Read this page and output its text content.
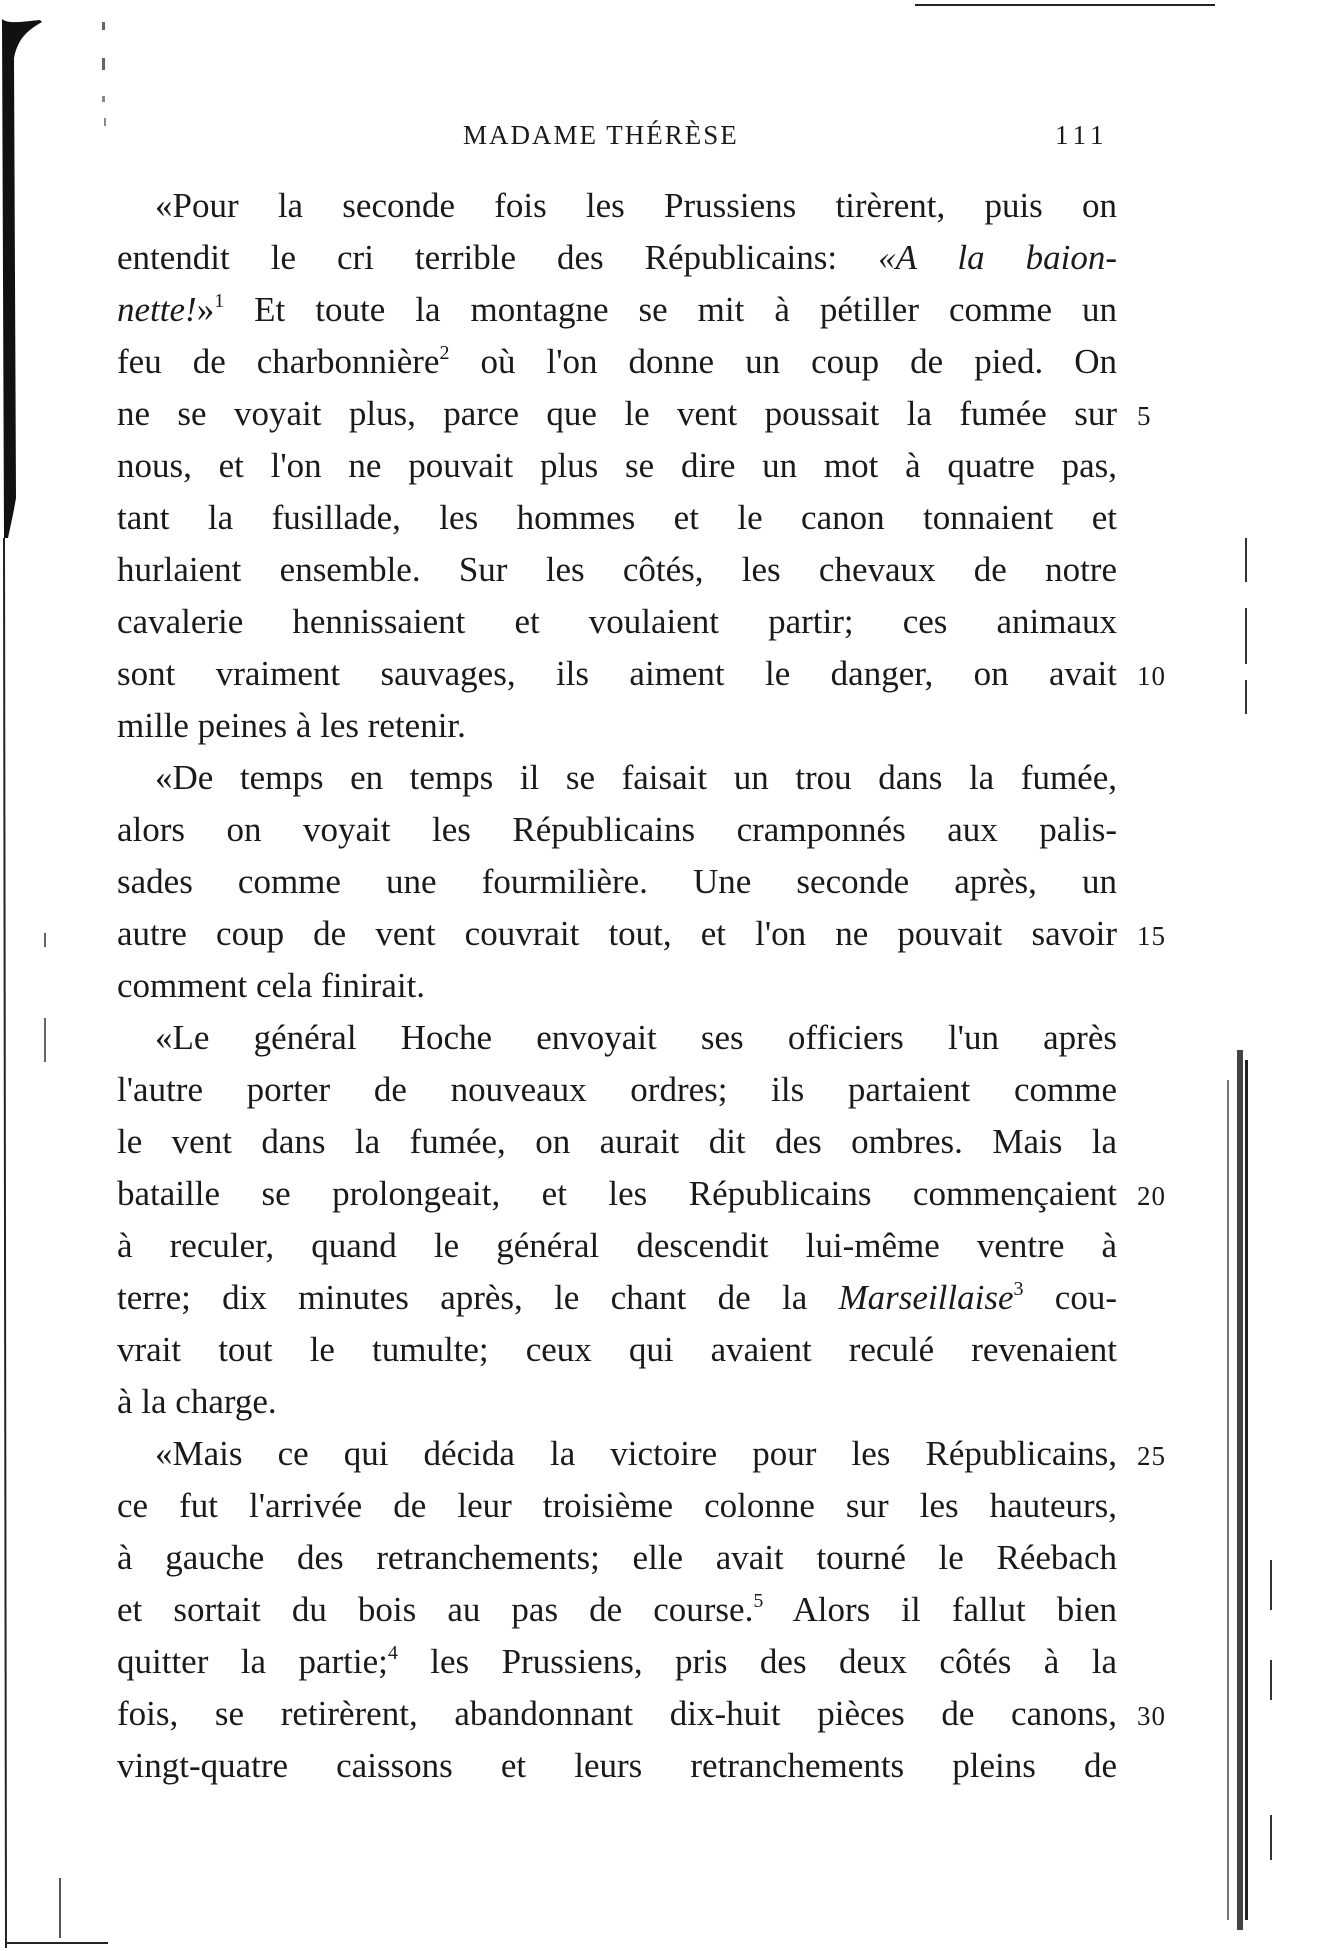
MADAME THÉRÈSE	111
«Pour la seconde fois les Prussiens tirèrent, puis on
entendit le cri terrible des Républicains: «A la baion-
nette!»$^1$ Et toute la montagne se mit à pétiller comme un
feu de charbonnière$^2$ où l'on donne un coup de pied. On
ne se voyait plus, parce que le vent poussait la fumée sur 5
nous, et l'on ne pouvait plus se dire un mot à quatre pas,
tant la fusillade, les hommes et le canon tonnaient et
hurlaient ensemble. Sur les côtés, les chevaux de notre
cavalerie hennissaient et voulaient partir; ces animaux
sont vraiment sauvages, ils aiment le danger, on avait 10
mille peines à les retenir.
«De temps en temps il se faisait un trou dans la fumée,
alors on voyait les Républicains cramponnés aux palis-
sades comme une fourmilière. Une seconde après, un
autre coup de vent couvrait tout, et l'on ne pouvait savoir 15
comment cela finirait.
«Le général Hoche envoyait ses officiers l'un après
l'autre porter de nouveaux ordres; ils partaient comme
le vent dans la fumée, on aurait dit des ombres. Mais la
bataille se prolongeait, et les Républicains commençaient 20
à reculer, quand le général descendit lui-même ventre à
terre; dix minutes après, le chant de la Marseillaise$^3$ cou-
vrait tout le tumulte; ceux qui avaient reculé revenaient
à la charge.
«Mais ce qui décida la victoire pour les Républicains, 25
ce fut l'arrivée de leur troisième colonne sur les hauteurs,
à gauche des retranchements; elle avait tourné le Réebach
et sortait du bois au pas de course.$^5$ Alors il fallut bien
quitter la partie;$^4$ les Prussiens, pris des deux côtés à la
fois, se retirèrent, abandonnant dix-huit pièces de canons, 30
vingt-quatre caissons et leurs retranchements pleins de
